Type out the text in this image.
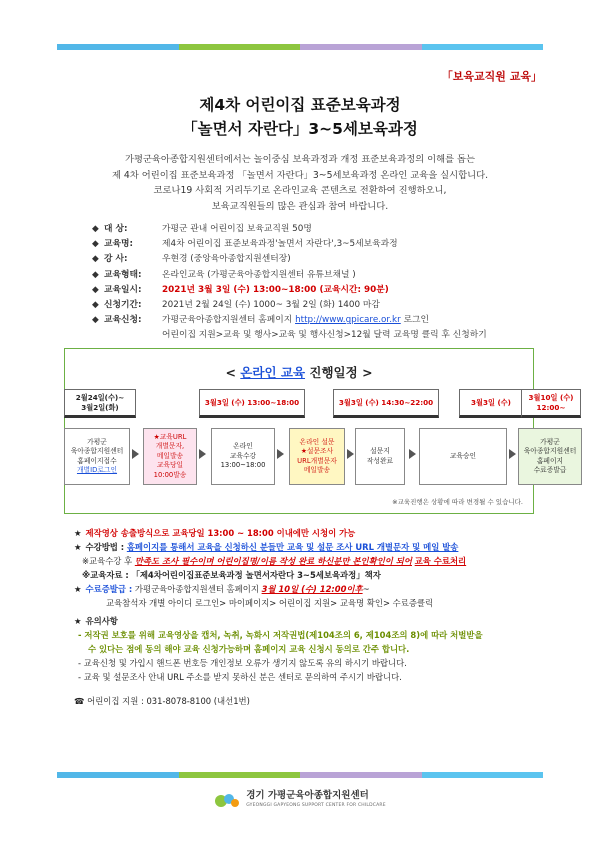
「보육교직원 교육」
제4차 어린이집 표준보육과정
「놀면서 자란다」3~5세보육과정
가평군육아종합지원센터에서는 놀이중심 보육과정과 개정 표준보육과정의 이해를 돕는
제 4차 어린이집 표준보육과정 「놀면서 자란다」3~5세보육과정 온라인 교육을 실시합니다.
코로나19 사회적 거리두기로 온라인교육 콘텐츠로 전환하여 진행하오니,
보육교직원들의 많은 관심과 참여 바랍니다.
◆ 대 상:	가평군 관내 어린이집 보육교직원 50명
◆ 교육명:	제4차 어린이집 표준보육과정'놀면서 자란다',3~5세보육과정
◆ 강 사:	우현경 (중앙육아종합지원센터장)
◆ 교육형태:	온라인교육 (가평군육아종합지원센터 유튜브채널 )
◆ 교육일시:	2021년 3월 3일 (수) 13:00~18:00 (교육시간: 90분)
◆ 신청기간:	2021년 2월 24일 (수) 1000~ 3월 2일 (화) 1400 마감
◆ 교육신청:	가평군육아종합지원센터 홈페이지
http://www.gpicare.or.kr
로그인
어린이집 지원>교육 및 행사>교육 및 행사신청>12월 달력 교육명 클릭 후 신청하기
< 온라인 교육 진행일정 >
2월24일(수)~
3월2일(화)
3월3일 (수) 13:00~18:00	3월3일 (수) 14:30~22:00	3월3일 (수)
3월10일 (수)
12:00~
가평군
육아종합지원센터
홈페이지접수
개별ID로그인
★교육URL
개별문자,
메일발송
교육당일
10:00발송
온라인
교육수강
13:00~18:00
온라인 설문
★설문조사
URL개별문자
메일발송
설문지
작성완료
교육승인
가평군
육아종합지원센터
홈페이지
수료증발급
※교육진행은 상황에 따라 변경될 수 있습니다.
★ 제작영상 송출방식으로 교육당일 13:00 ~ 18:00 이내에만 시청이 가능
★ 수강방법 : 홈페이지를 통해서 교육을 신청하신 분들만 교육 및 설문 조사 URL 개별문자 및 메일 발송
※교육수강 후 만족도 조사 필수이며 어린이집명/이름 작성 완료 하신분만 본인확인이 되어 교육 수료처리
※교육자료 : 「제4차어린이집표준보육과정 놀면서자란다 3~5세보육과정」책자
★ 수료증발급 : 가평군육아종합지원센터 홈페이지 3월 10일 (수) 12:00이후~
교육참석자 개별 아이디 로그인> 마이페이지> 어린이집 지원> 교육명 확인> 수료증클릭
★ 유의사항
- 저작권 보호를 위해 교육영상을 캡처, 녹취, 녹화시 저작권법(제104조의 6, 제104조의 8)에 따라 처벌받을
수 있다는 점에 동의 해야 교육 신청가능하며 홈페이지 교육 신청시 동의로 간주 합니다.
- 교육신청 및 가입시 핸드폰 번호등 개인정보 오류가 생기지 않도록 유의 하시기 바랍니다.
- 교육 및 설문조사 안내 URL 주소를 받지 못하신 분은 센터로 문의하여 주시기 바랍니다.
☎ 어린이집 지원 : 031-8078-8100 (내선1번)
경기 가평군육아종합지원센터
GYEONGGI GAPYEONG SUPPORT CENTER FOR CHILDCARE
